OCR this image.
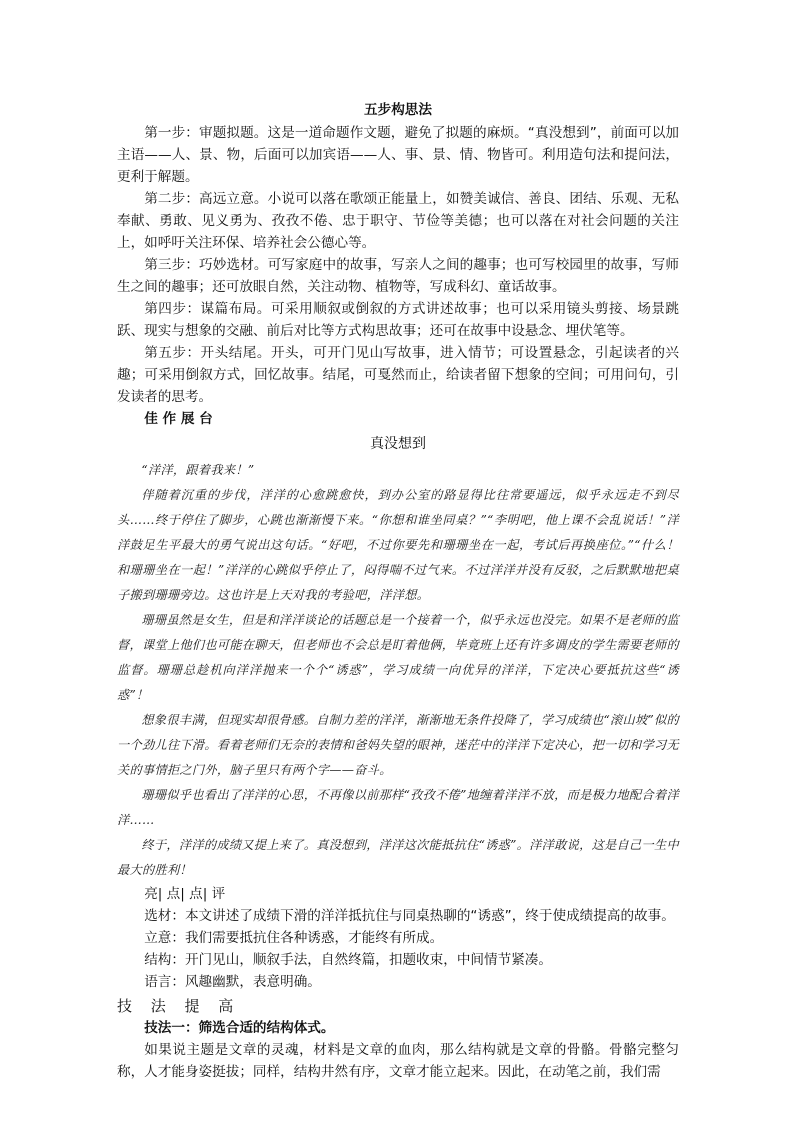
五步构思法

第一步：审题拟题。这是一道命题作文题，避免了拟题的麻烦。“真没想到”，前面可以加主语——人、景、物，后面可以加宾语——人、事、景、情、物皆可。利用造句法和提问法，更利于解题。

第二步：高远立意。小说可以落在歌颂正能量上，如赞美诚信、善良、团结、乐观、无私奉献、勇敢、见义勇为、孜孜不倦、忠于职守、节俭等美德；也可以落在对社会问题的关注上，如呼吁关注环保、培养社会公德心等。

第三步：巧妙选材。可写家庭中的故事，写亲人之间的趣事；也可写校园里的故事，写师生之间的趣事；还可放眼自然，关注动物、植物等，写成科幻、童话故事。

第四步：谋篇布局。可采用顺叙或倒叙的方式讲述故事；也可以采用镜头剪接、场景跳跃、现实与想象的交融、前后对比等方式构思故事；还可在故事中设悬念、埋伏笔等。

第五步：开头结尾。开头，可开门见山写故事，进入情节；可设置悬念，引起读者的兴趣；可采用倒叙方式，回忆故事。结尾，可戛然而止，给读者留下想象的空间；可用问句，引发读者的思考。

佳 作 展 台

真没想到

“洋洋，跟着我来！”

伴随着沉重的步伐，洋洋的心愈跳愈快，到办公室的路显得比往常要遥远，似乎永远走不到尽头……终于停住了脚步，心跳也渐渐慢下来。“你想和谁坐同桌？”“李明吧，他上课不会乱说话！”洋洋鼓足生平最大的勇气说出这句话。“好吧，不过你要先和珊珊坐在一起，考试后再换座位。”“什么！和珊珊坐在一起！”洋洋的心跳似乎停止了，闷得喘不过气来。不过洋洋并没有反驳，之后默默地把桌子搬到珊珊旁边。这也许是上天对我的考验吧，洋洋想。

珊珊虽然是女生，但是和洋洋谈论的话题总是一个接着一个，似乎永远也没完。如果不是老师的监督，课堂上他们也可能在聊天，但老师也不会总是盯着他俩，毕竟班上还有许多调皮的学生需要老师的监督。珊珊总趁机向洋洋抛来一个个“诱惑”，学习成绩一向优异的洋洋，下定决心要抵抗这些“诱惑”！

想象很丰满，但现实却很骨感。自制力差的洋洋，渐渐地无条件投降了，学习成绩也“滚山坡”似的一个劲儿往下滑。看着老师们无奈的表情和爸妈失望的眼神，迷茫中的洋洋下定决心，把一切和学习无关的事情拒之门外，脑子里只有两个字——奋斗。

珊珊似乎也看出了洋洋的心思，不再像以前那样“孜孜不倦”地缠着洋洋不放，而是极力地配合着洋洋……

终于，洋洋的成绩又提上来了。真没想到，洋洋这次能抵抗住“诱惑”。洋洋敢说，这是自己一生中最大的胜利！

亮| 点| 点| 评

选材：本文讲述了成绩下滑的洋洋抵抗住与同桌热聊的“诱惑”，终于使成绩提高的故事。

立意：我们需要抵抗住各种诱惑，才能终有所成。

结构：开门见山，顺叙手法，自然终篇，扣题收束，中间情节紧凑。

语言：风趣幽默，表意明确。

技 法 提 高

技法一：筛选合适的结构体式。

如果说主题是文章的灵魂，材料是文章的血肉，那么结构就是文章的骨骼。骨骼完整匀称，人才能身姿挺拔；同样，结构井然有序，文章才能立起来。因此，在动笔之前，我们需
